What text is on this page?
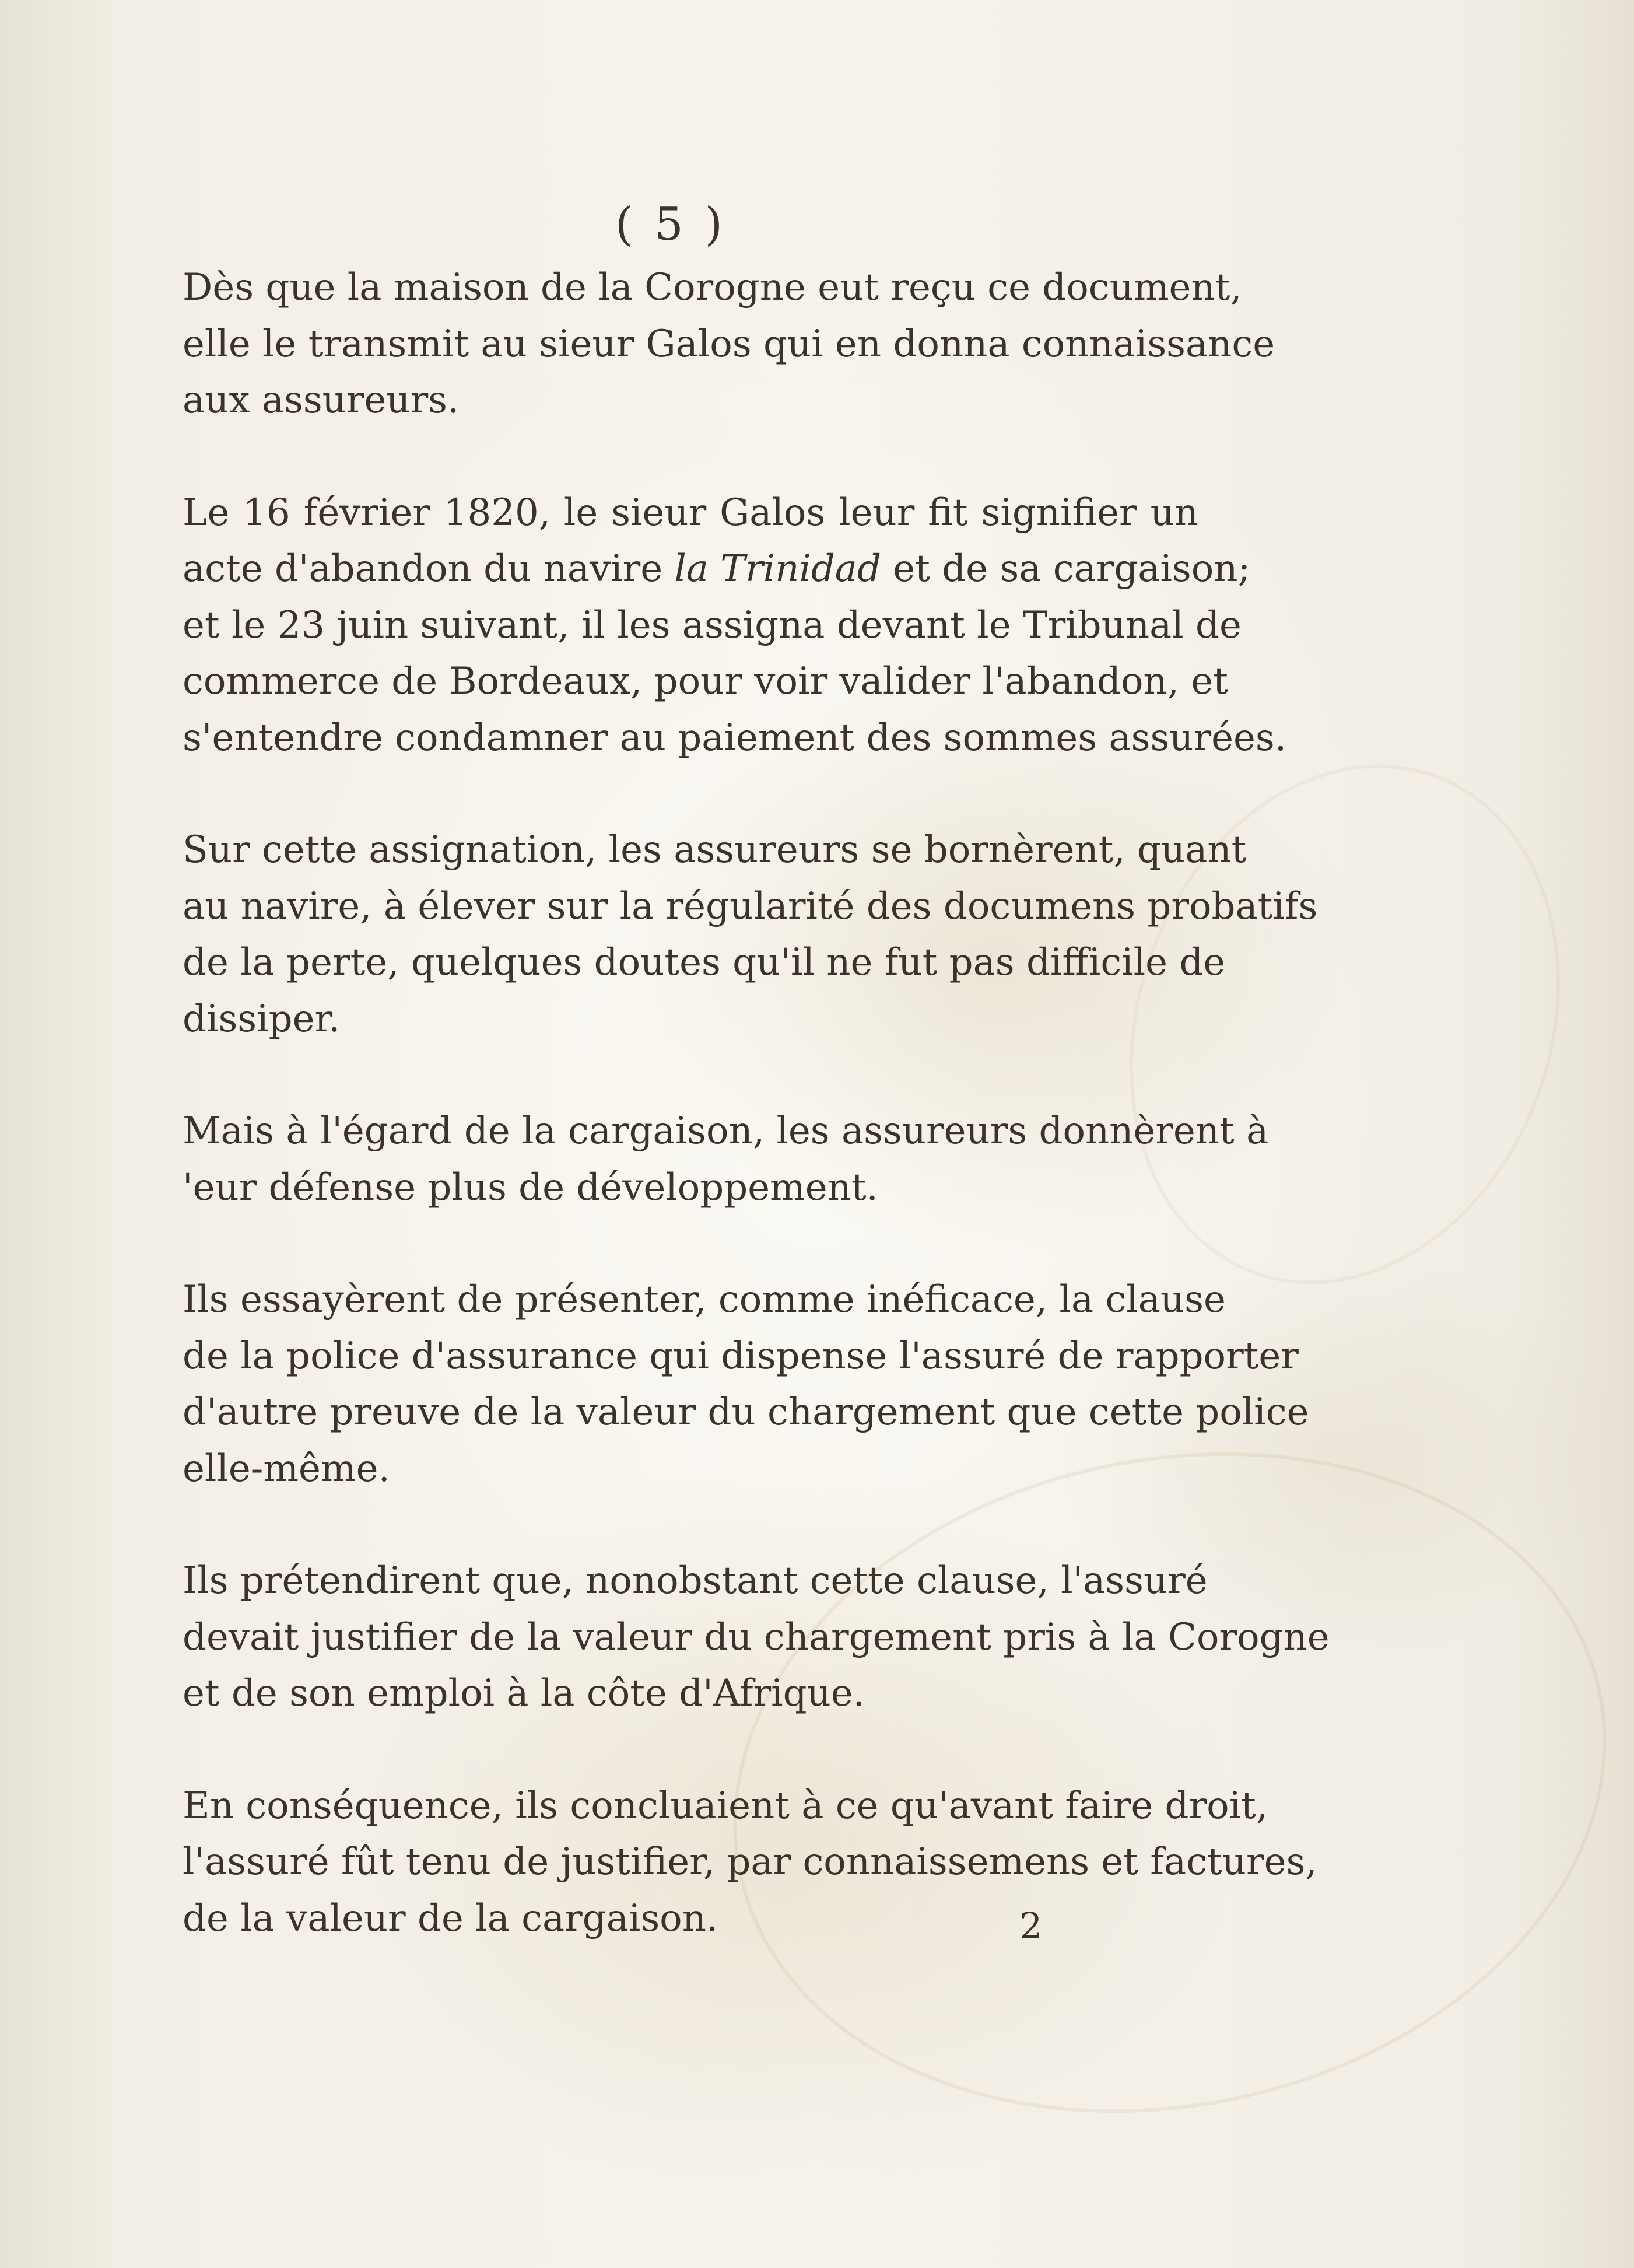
( 5 )

Dès que la maison de la Corogne eut reçu ce document,
elle le transmit au sieur Galos qui en donna connaissance
aux assureurs.

Le 16 février 1820, le sieur Galos leur fit signifier un
acte d'abandon du navire la Trinidad et de sa cargaison;
et le 23 juin suivant, il les assigna devant le Tribunal de
commerce de Bordeaux, pour voir valider l'abandon, et
s'entendre condamner au paiement des sommes assurées.

Sur cette assignation, les assureurs se bornèrent, quant
au navire, à élever sur la régularité des documens probatifs
de la perte, quelques doutes qu'il ne fut pas difficile de
dissiper.

Mais à l'égard de la cargaison, les assureurs donnèrent à
'eur défense plus de développement.

Ils essayèrent de présenter, comme inéficace, la clause
de la police d'assurance qui dispense l'assuré de rapporter
d'autre preuve de la valeur du chargement que cette police
elle-même.

Ils prétendirent que, nonobstant cette clause, l'assuré
devait justifier de la valeur du chargement pris à la Corogne
et de son emploi à la côte d'Afrique.

En conséquence, ils concluaient à ce qu'avant faire droit,
l'assuré fût tenu de justifier, par connaissemens et factures,
de la valeur de la cargaison.	2
